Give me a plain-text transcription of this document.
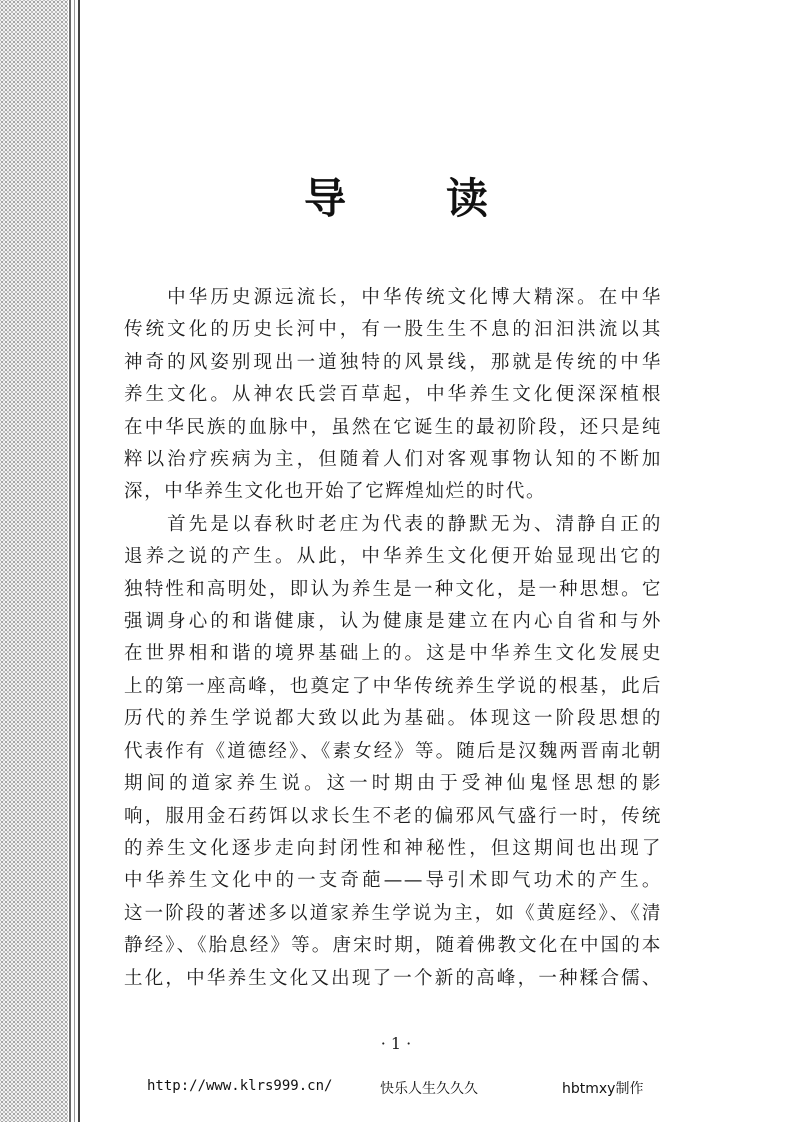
导 读
　　中华历史源远流长，中华传统文化博大精深。在中华
传统文化的历史长河中，有一股生生不息的汩汩洪流以其
神奇的风姿别现出一道独特的风景线，那就是传统的中华
养生文化。从神农氏尝百草起，中华养生文化便深深植根
在中华民族的血脉中，虽然在它诞生的最初阶段，还只是纯
粹以治疗疾病为主，但随着人们对客观事物认知的不断加
深，中华养生文化也开始了它辉煌灿烂的时代。
　　首先是以春秋时老庄为代表的静默无为、清静自正的
退养之说的产生。从此，中华养生文化便开始显现出它的
独特性和高明处，即认为养生是一种文化，是一种思想。它
强调身心的和谐健康，认为健康是建立在内心自省和与外
在世界相和谐的境界基础上的。这是中华养生文化发展史
上的第一座高峰，也奠定了中华传统养生学说的根基，此后
历代的养生学说都大致以此为基础。体现这一阶段思想的
代表作有《道德经》、《素女经》等。随后是汉魏两晋南北朝
期间的道家养生说。这一时期由于受神仙鬼怪思想的影
响，服用金石药饵以求长生不老的偏邪风气盛行一时，传统
的养生文化逐步走向封闭性和神秘性，但这期间也出现了
中华养生文化中的一支奇葩——导引术即气功术的产生。
这一阶段的著述多以道家养生学说为主，如《黄庭经》、《清
静经》、《胎息经》等。唐宋时期，随着佛教文化在中国的本
土化，中华养生文化又出现了一个新的高峰，一种糅合儒、
· 1 ·
http://www.klrs999.cn/	快乐人生久久久	hbtmxy制作
